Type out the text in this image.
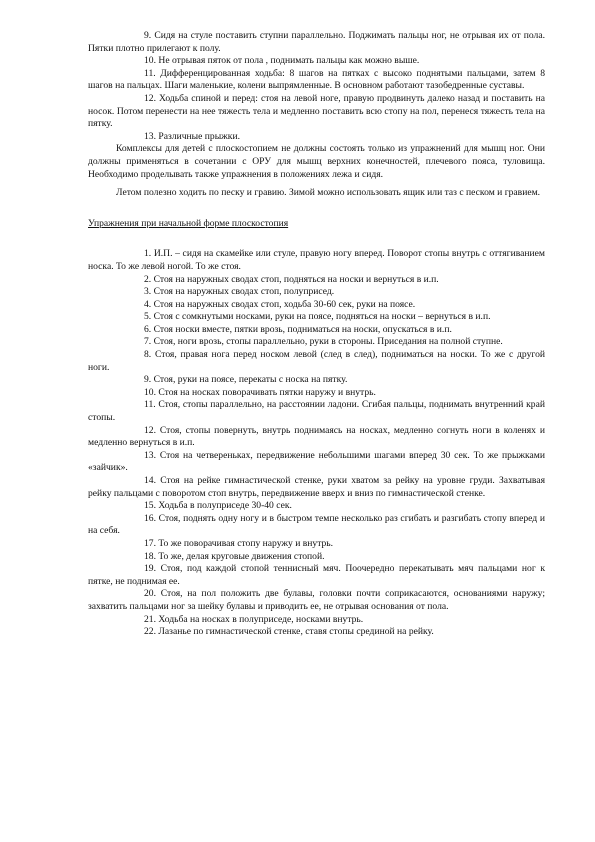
9. Сидя на стуле поставить ступни параллельно. Поджимать пальцы ног, не отрывая их от пола. Пятки плотно прилегают к полу.

10. Не отрывая пяток от пола , поднимать пальцы как можно выше.

11. Дифференцированная ходьба: 8 шагов на пятках с высоко поднятыми пальцами, затем 8 шагов на пальцах. Шаги маленькие, колени выпрямленные. В основном работают тазобедренные суставы.

12. Ходьба спиной и перед: стоя на левой ноге, правую продвинуть далеко назад и поставить на носок. Потом перенести на нее тяжесть тела и медленно поставить всю стопу на пол, перенеся тяжесть тела на пятку.

13. Различные прыжки.

Комплексы для детей с плоскостопием не должны состоять только из упражнений для мышц ног. Они должны применяться в сочетании с ОРУ для мышц верхних конечностей, плечевого пояса, туловища. Необходимо проделывать также упражнения в положениях лежа и сидя.

Летом полезно ходить по песку и гравию. Зимой можно использовать ящик или таз с песком и гравием.

Упражнения при начальной форме плоскостопия

1. И.П. – сидя на скамейке или стуле, правую ногу вперед. Поворот стопы внутрь с оттягиванием носка. То же левой ногой. То же стоя.

2. Стоя на наружных сводах стоп, подняться на носки и вернуться в и.п.

3. Стоя на наружных сводах стоп, полуприсед.

4. Стоя на наружных сводах стоп, ходьба 30-60 сек, руки на поясе.

5. Стоя с сомкнутыми носками, руки на поясе, подняться на носки – вернуться в и.п.

6. Стоя носки вместе, пятки врозь, подниматься на носки, опускаться в и.п.

7. Стоя, ноги врозь, стопы параллельно, руки в стороны. Приседания на полной ступне.

8. Стоя, правая нога перед носком левой (след в след), подниматься на носки. То же с другой ноги.

9. Стоя, руки на поясе, перекаты с носка на пятку.

10. Стоя на носках поворачивать пятки наружу и внутрь.

11. Стоя, стопы параллельно, на расстоянии ладони. Сгибая пальцы, поднимать внутренний край стопы.

12. Стоя, стопы повернуть, внутрь поднимаясь на носках, медленно согнуть ноги в коленях и медленно вернуться в и.п.

13. Стоя на четвереньках, передвижение небольшими шагами вперед 30 сек. То же прыжками «зайчик».

14. Стоя на рейке гимнастической стенке, руки хватом за рейку на уровне груди. Захватывая рейку пальцами с поворотом стоп внутрь, передвижение вверх и вниз по гимнастической стенке.

15. Ходьба в полуприседе 30-40 сек.

16. Стоя, поднять одну ногу и в быстром темпе несколько раз сгибать и разгибать стопу вперед и на себя.

17. То же поворачивая стопу наружу и внутрь.

18. То же, делая круговые движения стопой.

19. Стоя, под каждой стопой теннисный мяч. Поочередно перекатывать мяч пальцами ног к пятке, не поднимая ее.

20. Стоя, на пол положить две булавы, головки почти соприкасаются, основаниями наружу; захватить пальцами ног за шейку булавы и приводить ее, не отрывая основания от пола.

21. Ходьба на носках в полуприседе, носками внутрь.

22. Лазанье по гимнастической стенке, ставя стопы срединой на рейку.
